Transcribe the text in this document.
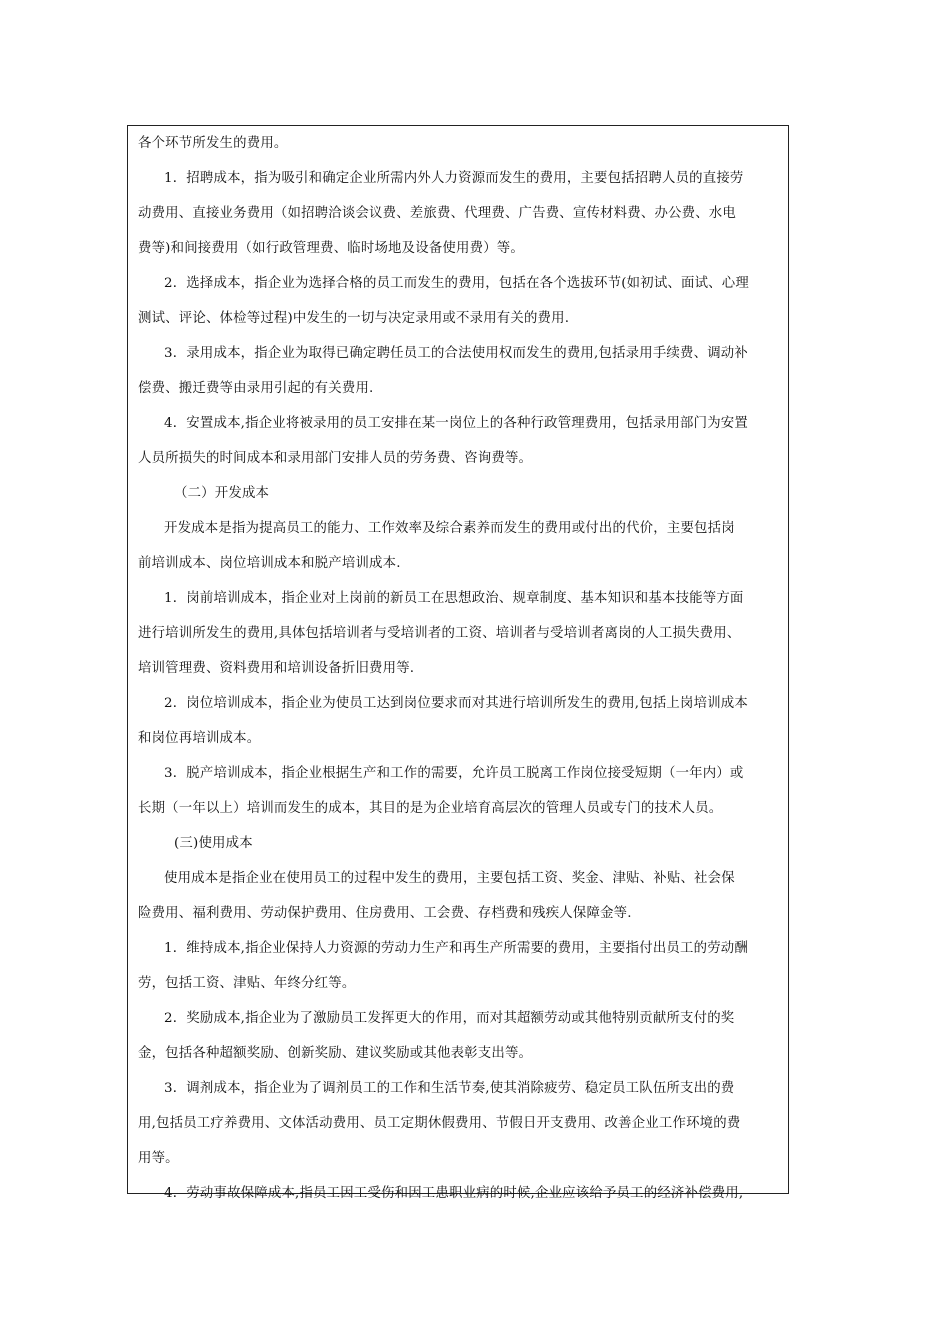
各个环节所发生的费用。
1．招聘成本，指为吸引和确定企业所需内外人力资源而发生的费用，主要包括招聘人员的直接劳
动费用、直接业务费用（如招聘洽谈会议费、差旅费、代理费、广告费、宣传材料费、办公费、水电
费等)和间接费用（如行政管理费、临时场地及设备使用费）等。
2．选择成本，指企业为选择合格的员工而发生的费用，包括在各个选拔环节(如初试、面试、心理
测试、评论、体检等过程)中发生的一切与决定录用或不录用有关的费用.
3．录用成本，指企业为取得已确定聘任员工的合法使用权而发生的费用,包括录用手续费、调动补
偿费、搬迁费等由录用引起的有关费用.
4．安置成本,指企业将被录用的员工安排在某一岗位上的各种行政管理费用，包括录用部门为安置
人员所损失的时间成本和录用部门安排人员的劳务费、咨询费等。
（二）开发成本
开发成本是指为提高员工的能力、工作效率及综合素养而发生的费用或付出的代价，主要包括岗
前培训成本、岗位培训成本和脱产培训成本.
1．岗前培训成本，指企业对上岗前的新员工在思想政治、规章制度、基本知识和基本技能等方面
进行培训所发生的费用,具体包括培训者与受培训者的工资、培训者与受培训者离岗的人工损失费用、
培训管理费、资料费用和培训设备折旧费用等.
2．岗位培训成本，指企业为使员工达到岗位要求而对其进行培训所发生的费用,包括上岗培训成本
和岗位再培训成本。
3．脱产培训成本，指企业根据生产和工作的需要，允许员工脱离工作岗位接受短期（一年内）或
长期（一年以上）培训而发生的成本，其目的是为企业培育高层次的管理人员或专门的技术人员。
(三)使用成本
使用成本是指企业在使用员工的过程中发生的费用，主要包括工资、奖金、津贴、补贴、社会保
险费用、福利费用、劳动保护费用、住房费用、工会费、存档费和残疾人保障金等.
1．维持成本,指企业保持人力资源的劳动力生产和再生产所需要的费用，主要指付出员工的劳动酬
劳，包括工资、津贴、年终分红等。
2．奖励成本,指企业为了激励员工发挥更大的作用，而对其超额劳动或其他特别贡献所支付的奖
金，包括各种超额奖励、创新奖励、建议奖励或其他表彰支出等。
3．调剂成本，指企业为了调剂员工的工作和生活节奏,使其消除疲劳、稳定员工队伍所支出的费
用,包括员工疗养费用、文体活动费用、员工定期休假费用、节假日开支费用、改善企业工作环境的费
用等。
4．劳动事故保障成本,指员工因工受伤和因工患职业病的时候,企业应该给予员工的经济补偿费用,
